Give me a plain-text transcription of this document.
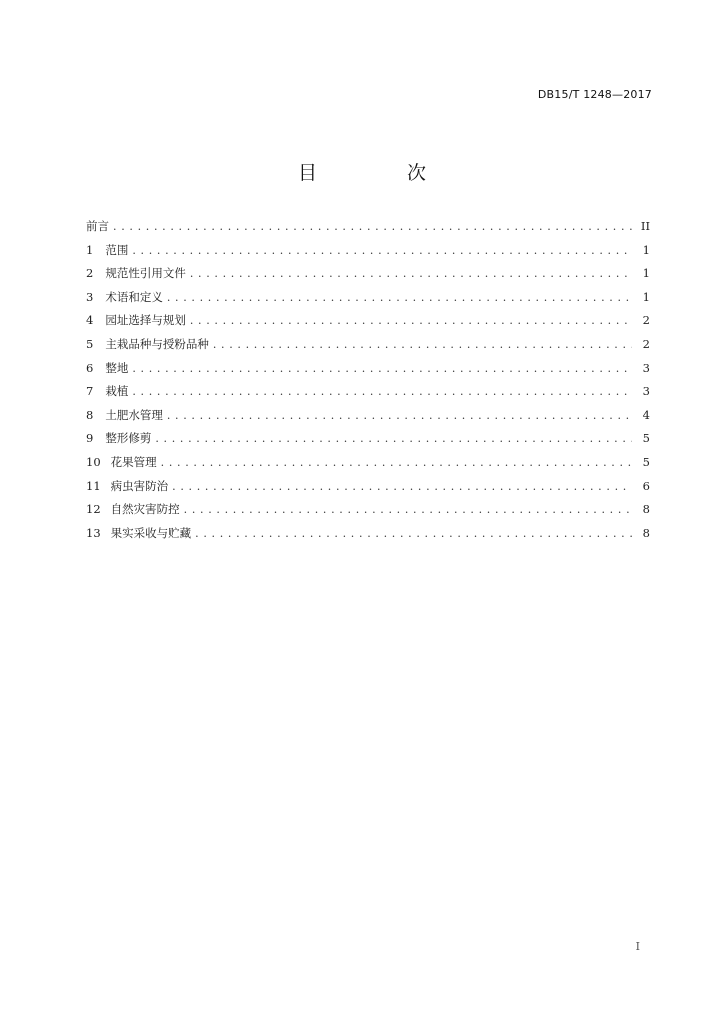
DB15/T 1248—2017
目 次
前言 . . .	II
1 范围 . . .	1
2 规范性引用文件 . . .	1
3 术语和定义 . . .	1
4 园址选择与规划 . . .	2
5 主栽品种与授粉品种 . . .	2
6 整地 . . .	3
7 栽植 . . .	3
8 土肥水管理 . . .	4
9 整形修剪 . . .	5
10 花果管理 . . .	5
11 病虫害防治 . . .	6
12 自然灾害防控 . . .	8
13 果实采收与贮藏 . . .	8
I
